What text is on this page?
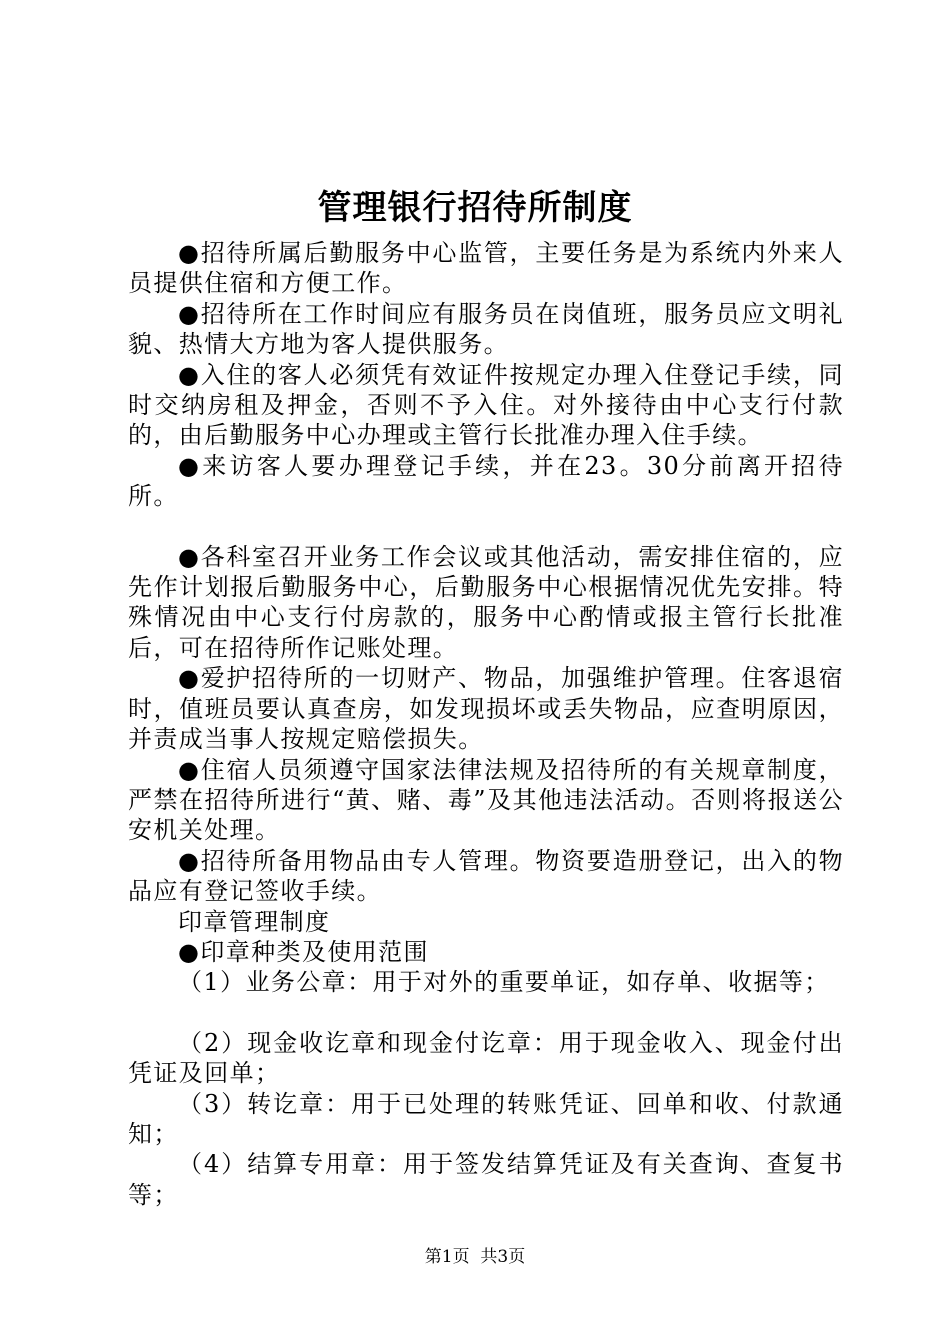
管理银行招待所制度

●招待所属后勤服务中心监管，主要任务是为系统内外来人员提供住宿和方便工作。

●招待所在工作时间应有服务员在岗值班，服务员应文明礼貌、热情大方地为客人提供服务。

●入住的客人必须凭有效证件按规定办理入住登记手续，同时交纳房租及押金，否则不予入住。对外接待由中心支行付款的，由后勤服务中心办理或主管行长批准办理入住手续。

●来访客人要办理登记手续，并在23。30分前离开招待所。

●各科室召开业务工作会议或其他活动，需安排住宿的，应先作计划报后勤服务中心，后勤服务中心根据情况优先安排。特殊情况由中心支行付房款的，服务中心酌情或报主管行长批准后，可在招待所作记账处理。

●爱护招待所的一切财产、物品，加强维护管理。住客退宿时，值班员要认真查房，如发现损坏或丢失物品，应查明原因，并责成当事人按规定赔偿损失。

●住宿人员须遵守国家法律法规及招待所的有关规章制度，严禁在招待所进行“黄、赌、毒”及其他违法活动。否则将报送公安机关处理。

●招待所备用物品由专人管理。物资要造册登记，出入的物品应有登记签收手续。

印章管理制度

●印章种类及使用范围

（1）业务公章：用于对外的重要单证，如存单、收据等；

（2）现金收讫章和现金付讫章：用于现金收入、现金付出凭证及回单；

（3）转讫章：用于已处理的转账凭证、回单和收、付款通知；

（4）结算专用章：用于签发结算凭证及有关查询、查复书等；

第1页  共3页
